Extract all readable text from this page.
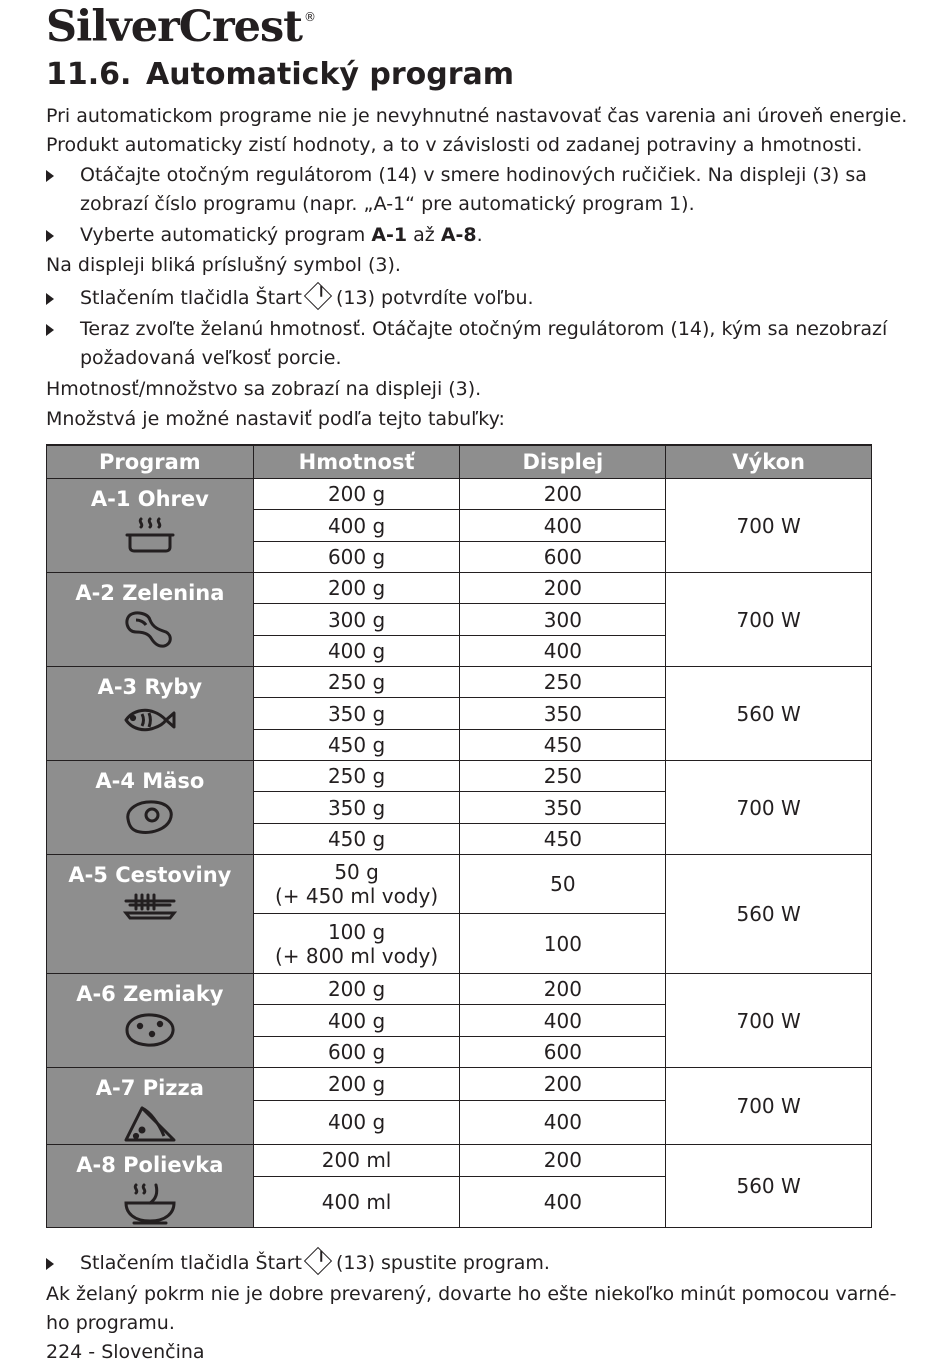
SilverCrest ®
11.6. Automatický program
Pri automatickom programe nie je nevyhnutné nastavovať čas varenia ani úroveň energie.
Produkt automaticky zistí hodnoty, a to v závislosti od zadanej potraviny a hmotnosti.
Otáčajte otočným regulátorom (14) v smere hodinových ručičiek. Na displeji (3) sa
zobrazí číslo programu (napr. „A-1“ pre automatický program 1).
Vyberte automatický program A-1 až A-8.
Na displeji bliká príslušný symbol (3).
Stlačením tlačidla Štart (13) potvrdíte voľbu.
Teraz zvoľte želanú hmotnosť. Otáčajte otočným regulátorom (14), kým sa nezobrazí
požadovaná veľkosť porcie.
Hmotnosť/množstvo sa zobrazí na displeji (3).
Množstvá je možné nastaviť podľa tejto tabuľky:
Program	Hmotnosť	Displej	Výkon

A-1 Ohrev	200 g	200	700 W

	400 g	400	

	600 g	600	

A-2 Zelenina	200 g	200	700 W

	300 g	300	

	400 g	400	

A-3 Ryby	250 g	250	560 W

	350 g	350	

	450 g	450	

A-4 Mäso	250 g	250	700 W

	350 g	350	

	450 g	450	

A-5 Cestoviny	50 g
(+ 450 ml vody)	50	560 W

	100 g
(+ 800 ml vody)	100	

A-6 Zemiaky	200 g	200	700 W

	400 g	400	

	600 g	600	

A-7 Pizza	200 g	200	700 W

	400 g	400	

A-8 Polievka	200 ml	200	560 W

	400 ml	400	
Stlačením tlačidla Štart (13) spustite program.
Ak želaný pokrm nie je dobre prevarený, dovarte ho ešte niekoľko minút pomocou varné-
ho programu.
224 - Slovenčina
